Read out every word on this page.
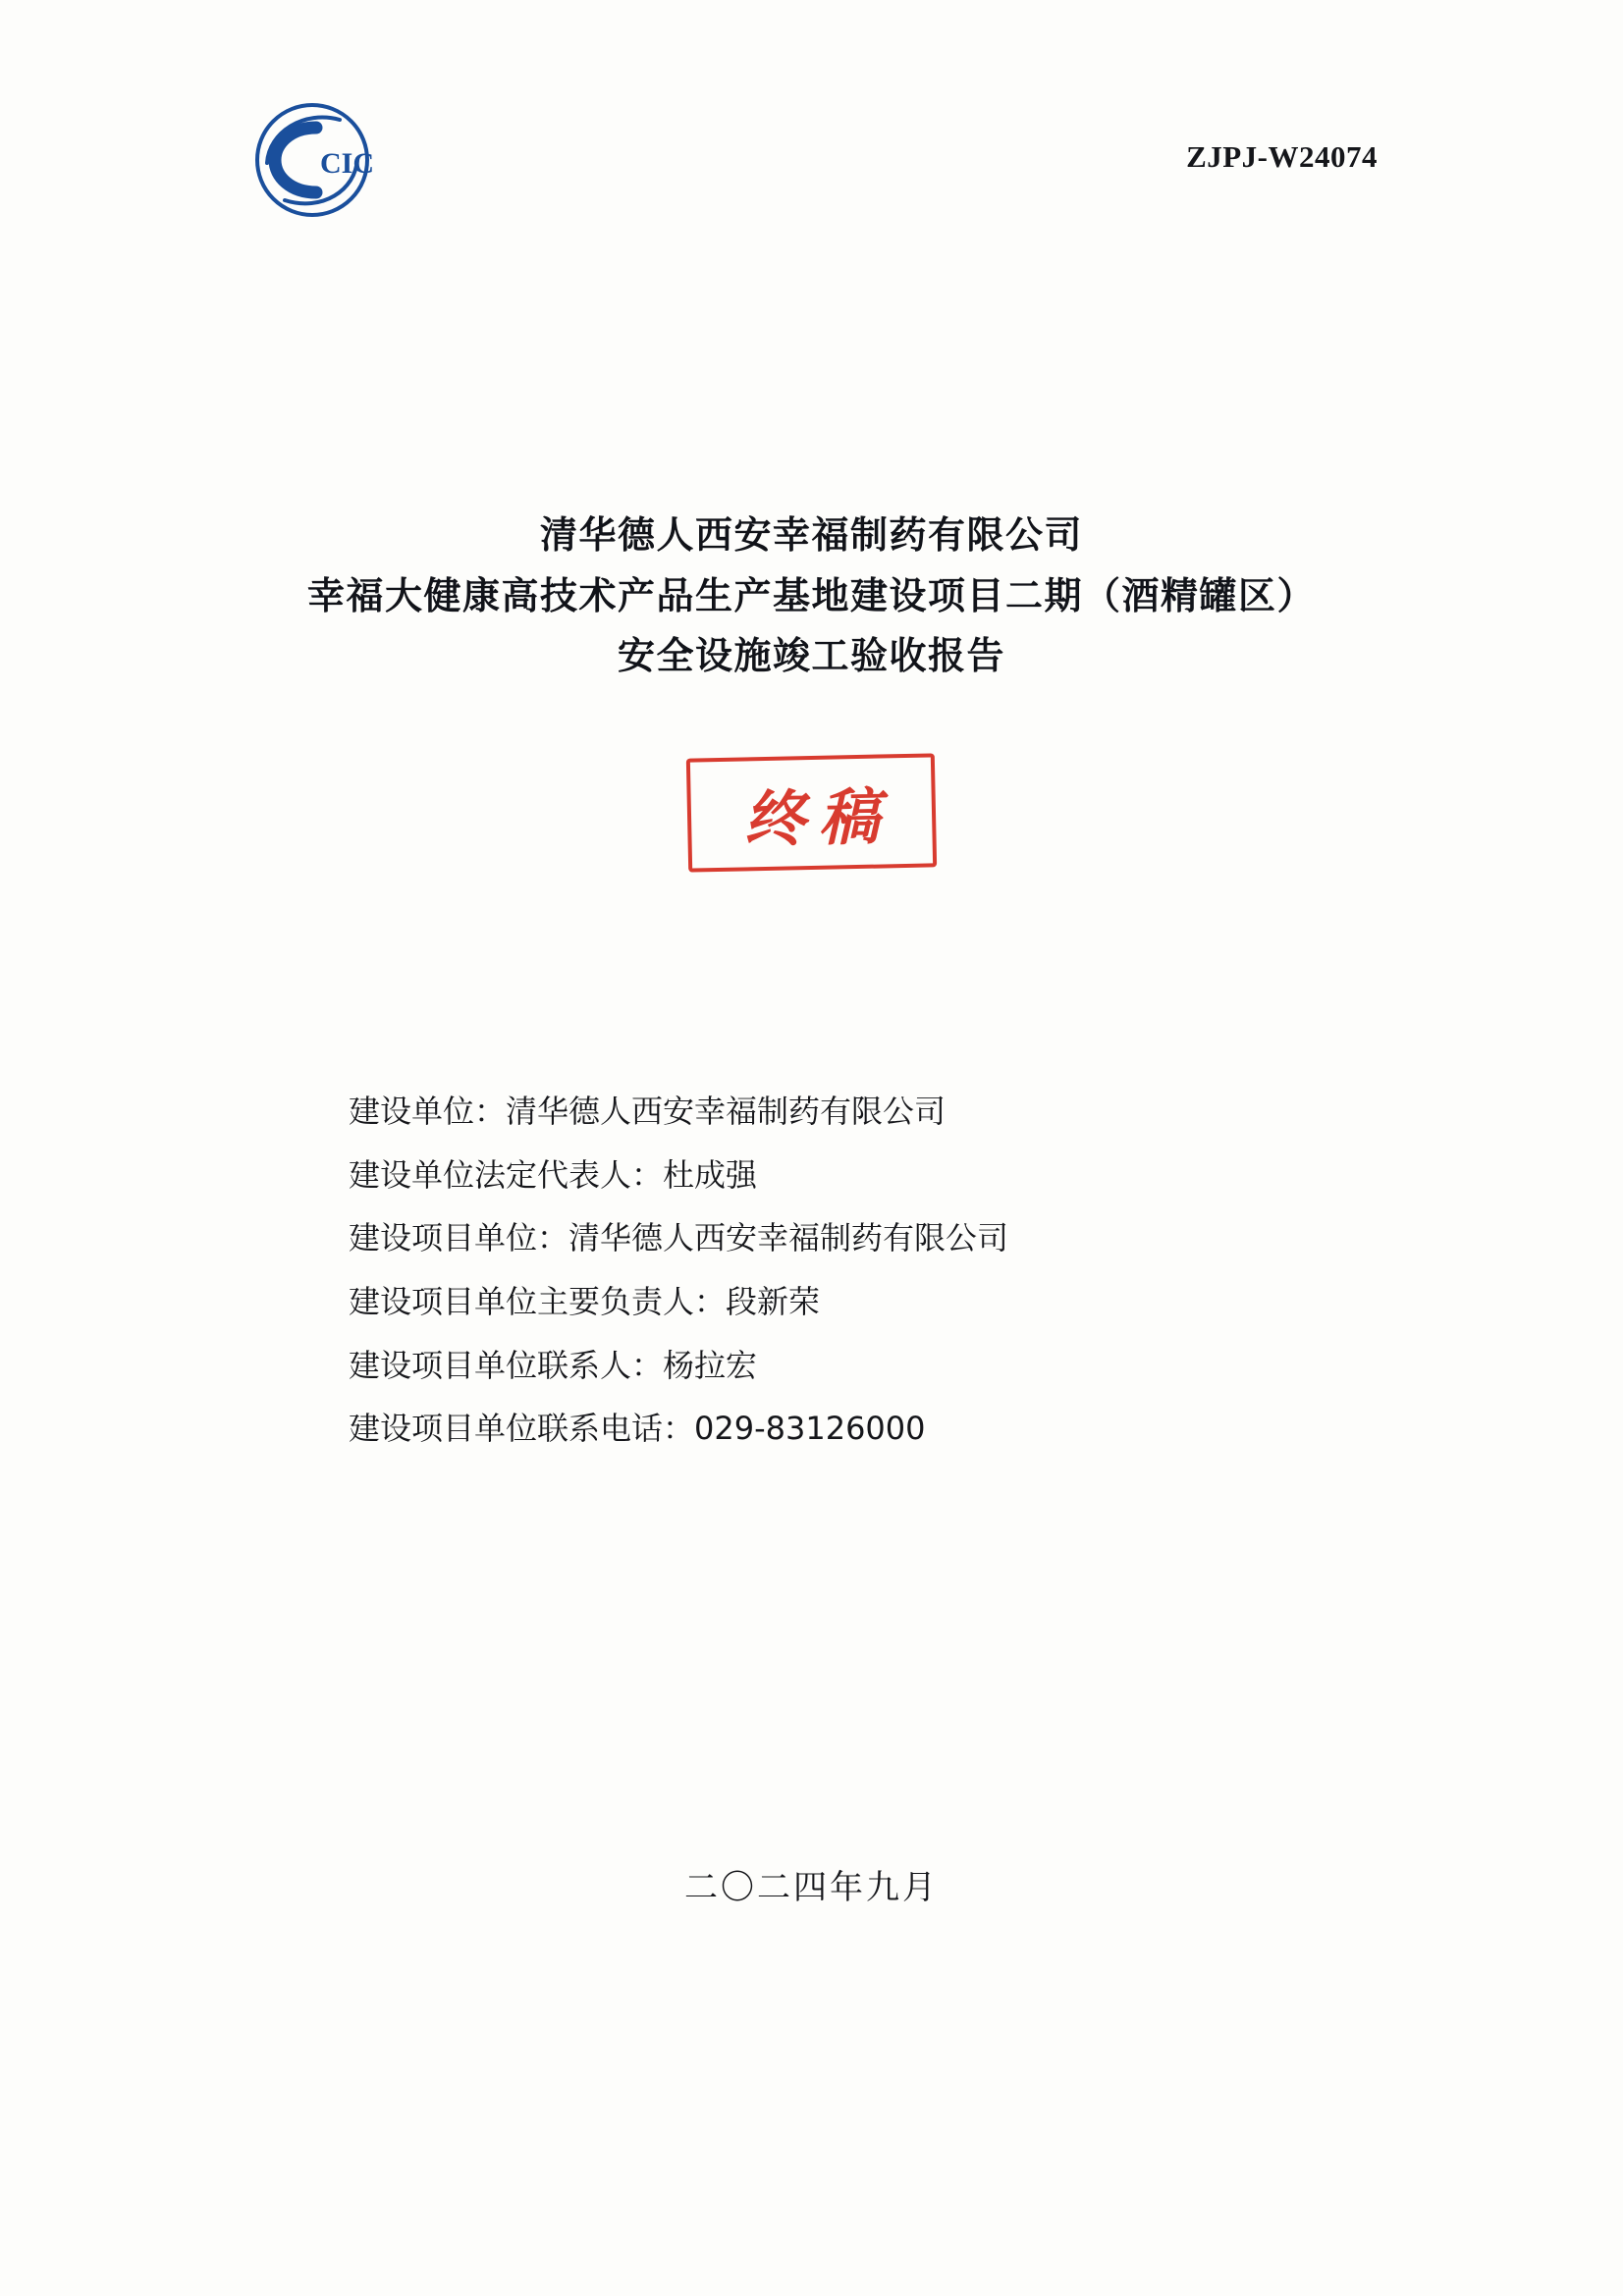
CIC	ZJPJ-W24074
清华德人西安幸福制药有限公司
幸福大健康高技术产品生产基地建设项目二期（酒精罐区）
安全设施竣工验收报告
终稿
建设单位：清华德人西安幸福制药有限公司
建设单位法定代表人：杜成强
建设项目单位：清华德人西安幸福制药有限公司
建设项目单位主要负责人：段新荣
建设项目单位联系人：杨拉宏
建设项目单位联系电话：029-83126000
二〇二四年九月
